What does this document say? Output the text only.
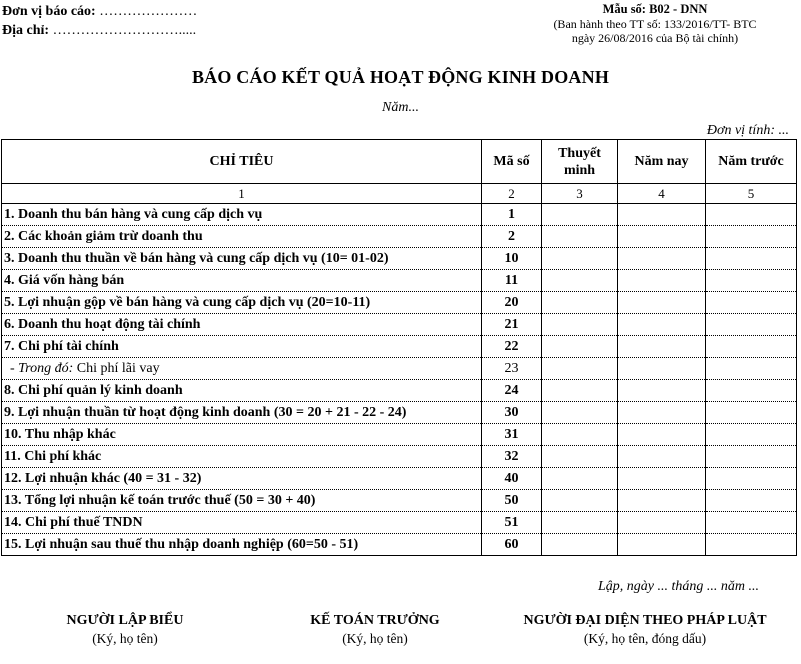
Đơn vị báo cáo: …………………
Địa chỉ: ……………………….....
Mẫu số: B02 - DNN
(Ban hành theo TT số: 133/2016/TT- BTC
ngày 26/08/2016 của Bộ tài chính)
BÁO CÁO KẾT QUẢ HOẠT ĐỘNG KINH DOANH
Năm...
Đơn vị tính: ...
CHỈ TIÊU	Mã số	Thuyết minh	Năm nay	Năm trước
1	2	3	4	5
1. Doanh thu bán hàng và cung cấp dịch vụ	1			
2. Các khoản giảm trừ doanh thu	2			
3. Doanh thu thuần về bán hàng và cung cấp dịch vụ (10= 01-02)	10			
4. Giá vốn hàng bán	11			
5. Lợi nhuận gộp về bán hàng và cung cấp dịch vụ (20=10-11)	20			
6. Doanh thu hoạt động tài chính	21			
7. Chi phí tài chính	22			
- Trong đó: Chi phí lãi vay	23			
8. Chi phí quản lý kinh doanh	24			
9. Lợi nhuận thuần từ hoạt động kinh doanh (30 = 20 + 21 - 22 - 24)	30			
10. Thu nhập khác	31			
11. Chi phí khác	32			
12. Lợi nhuận khác (40 = 31 - 32)	40			
13. Tổng lợi nhuận kế toán trước thuế (50 = 30 + 40)	50			
14. Chi phí thuế TNDN	51			
15. Lợi nhuận sau thuế thu nhập doanh nghiệp (60=50 - 51)	60			
Lập, ngày ... tháng ... năm ...
NGƯỜI LẬP BIỂU
(Ký, họ tên)
KẾ TOÁN TRƯỞNG
(Ký, họ tên)
NGƯỜI ĐẠI DIỆN THEO PHÁP LUẬT
(Ký, họ tên, đóng dấu)
